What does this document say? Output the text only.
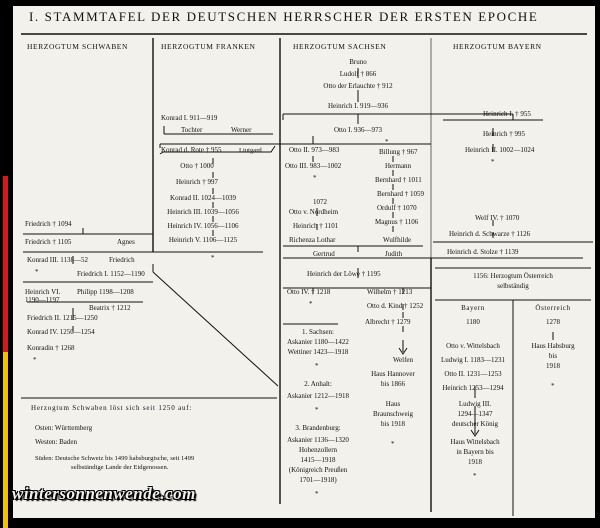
I. STAMMTAFEL DER DEUTSCHEN HERRSCHER DER ERSTEN EPOCHE
HERZOGTUM SCHWABEN	HERZOGTUM FRANKEN	HERZOGTUM SACHSEN	HERZOGTUM BAYERN
Bruno
Ludolf † 866
Otto der Erlauchte † 912
Heinrich I. 919—936
Otto I. 936—973
*
Konrad I. 911—919
Tochter	Werner
Konrad d. Rote † 955	Liutgard
Otto † 1000
Heinrich † 997
Konrad II. 1024—1039
Heinrich III. 1039—1056
Heinrich IV. 1056—1106
Heinrich V. 1106—1125
*
Otto II. 973—983
Otto III. 983—1002
*
1072
Otto v. Nordheim
Heinrich † 1101
Richenza Lothar
Gertrud
Billung † 967
Hermann
Bernhard † 1011
Bernhard † 1059
Ordulf † 1070
Magnus † 1106
Wulfhilde
Judith
Heinrich der Löwe † 1195
Otto IV. † 1218
*
Wilhelm † 1213
Otto d. Kind † 1252
Albrecht † 1279
Welfen
Haus Hannover
bis 1866
Haus
Braunschweig
bis 1918
*
1. Sachsen:
Askanier 1180—1422
Wettiner 1423—1918
*
2. Anhalt:
Askanier 1212—1918
*
3. Brandenburg:
Askanier 1136—1320
Hohenzollern
1415—1918
(Königreich Preußen
1701—1918)
*
Friedrich † 1094
Friedrich † 1105	Agnes
Konrad III. 1138—52	Friedrich
*	Friedrich I. 1152—1190
Heinrich VI.
1190—1197
Philipp 1198—1208
Beatrix † 1212
Friedrich II. 1215—1250
Konrad IV. 1250—1254
Konradin † 1268
*
Herzogtum Schwaben löst sich seit 1250 auf:
Osten: Württemberg
Westen: Baden
Süden: Deutsche Schweiz bis 1499 habsburgische, seit 1499
selbständige Lande der Eidgenossen.
Heinrich I. † 955
Heinrich † 995
Heinrich II. 1002—1024
*
Welf IV. † 1070
Heinrich d. Schwarze † 1126
Heinrich d. Stolze † 1139
1156: Herzogtum Österreich
selbständig
Bayern
1180
Österreich
1278
Otto v. Wittelsbach
Ludwig I. 1183—1231
Otto II. 1231—1253
Heinrich 1253—1294
Ludwig III.
1294—1347
deutscher König
Haus Wittelsbach
in Bayern bis
1918
*
Haus Habsburg
bis
1918
*
wintersonnenwende.com
